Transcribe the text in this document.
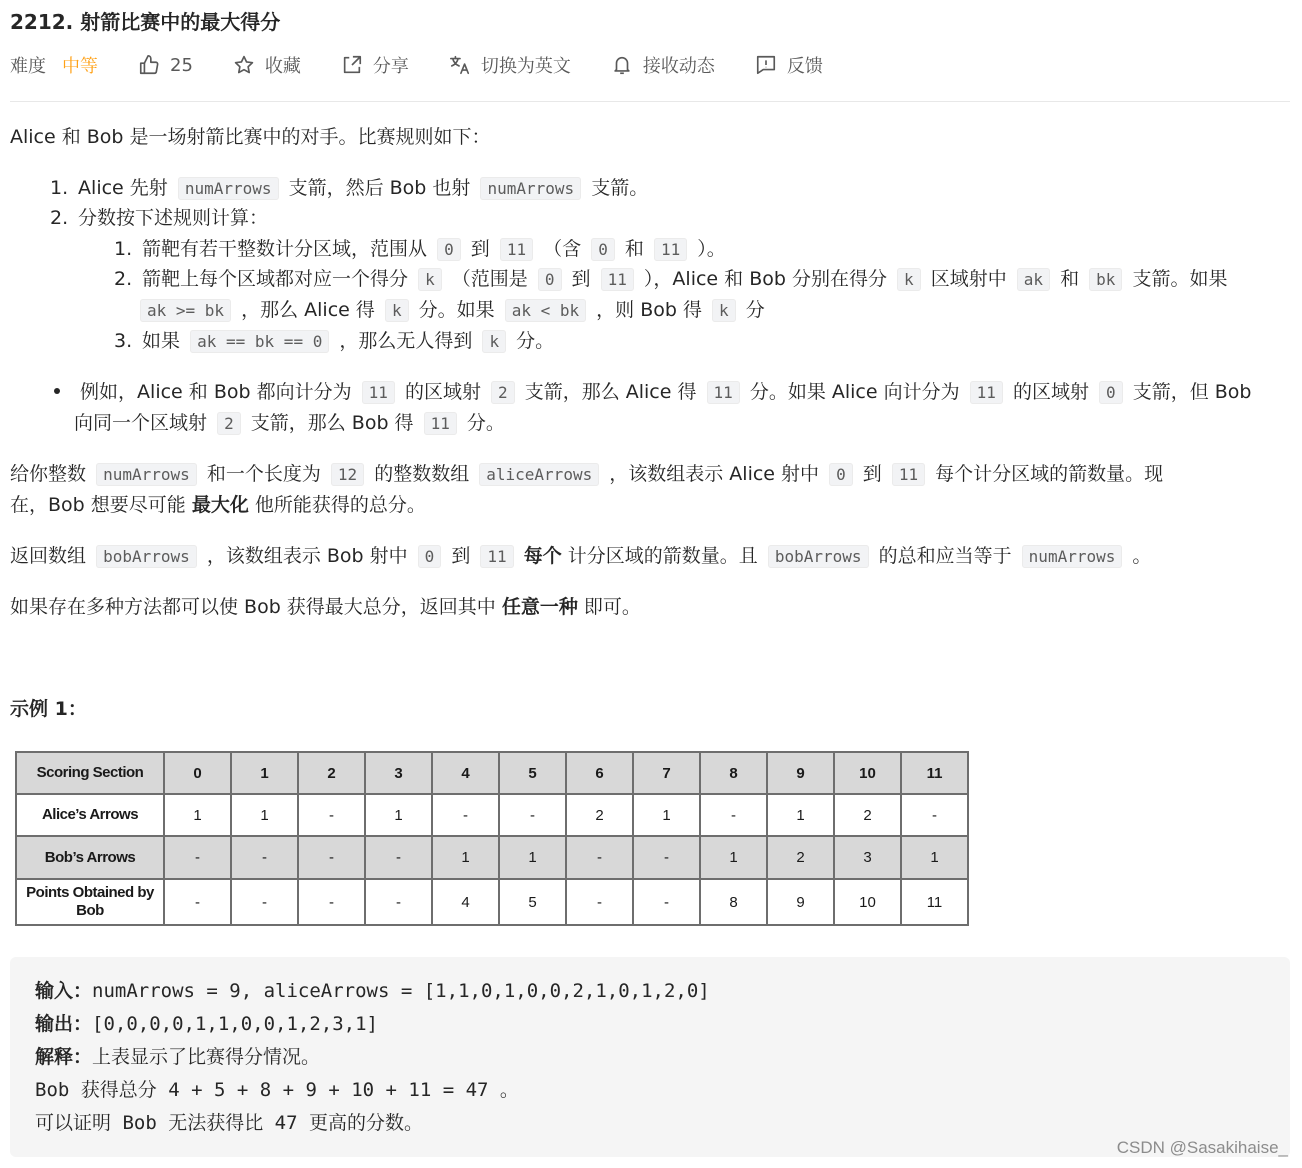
2212. 射箭比赛中的最大得分
难度 中等	25	收藏	分享	切换为英文	接收动态	反馈
Alice 和 Bob 是一场射箭比赛中的对手。比赛规则如下：
1. Alice 先射 numArrows 支箭，然后 Bob 也射 numArrows 支箭。
2. 分数按下述规则计算：
1. 箭靶有若干整数计分区域，范围从 0 到 11 （含 0 和 11 ）。
2. 箭靶上每个区域都对应一个得分 k （范围是 0 到 11 ），Alice 和 Bob 分别在得分 k 区域射中 ak 和 bk 支箭。如果
ak >= bk ，那么 Alice 得 k 分。如果 ak < bk ，则 Bob 得 k 分
3. 如果 ak == bk == 0 ，那么无人得到 k 分。
例如，Alice 和 Bob 都向计分为 11 的区域射 2 支箭，那么 Alice 得 11 分。如果 Alice 向计分为 11 的区域射 0 支箭，但 Bob
向同一个区域射 2 支箭，那么 Bob 得 11 分。
给你整数 numArrows 和一个长度为 12 的整数数组 aliceArrows ，该数组表示 Alice 射中 0 到 11 每个计分区域的箭数量。现
在，Bob 想要尽可能 最大化 他所能获得的总分。
返回数组 bobArrows ，该数组表示 Bob 射中 0 到 11 每个 计分区域的箭数量。且 bobArrows 的总和应当等于 numArrows 。
如果存在多种方法都可以使 Bob 获得最大总分，返回其中 任意一种 即可。
示例 1：
Scoring Section	0	1	2	3	4	5	6	7	8	9	10	11
Alice’s Arrows	1	1	-	1	-	-	2	1	-	1	2	-
Bob’s Arrows	-	-	-	-	1	1	-	-	1	2	3	1
Points Obtained by Bob	-	-	-	-	4	5	-	-	8	9	10	11
输入：numArrows = 9, aliceArrows = [1,1,0,1,0,0,2,1,0,1,2,0]
输出：[0,0,0,0,1,1,0,0,1,2,3,1]
解释：上表显示了比赛得分情况。
Bob 获得总分 4 + 5 + 8 + 9 + 10 + 11 = 47 。
可以证明 Bob 无法获得比 47 更高的分数。
CSDN @Sasakihaise_
